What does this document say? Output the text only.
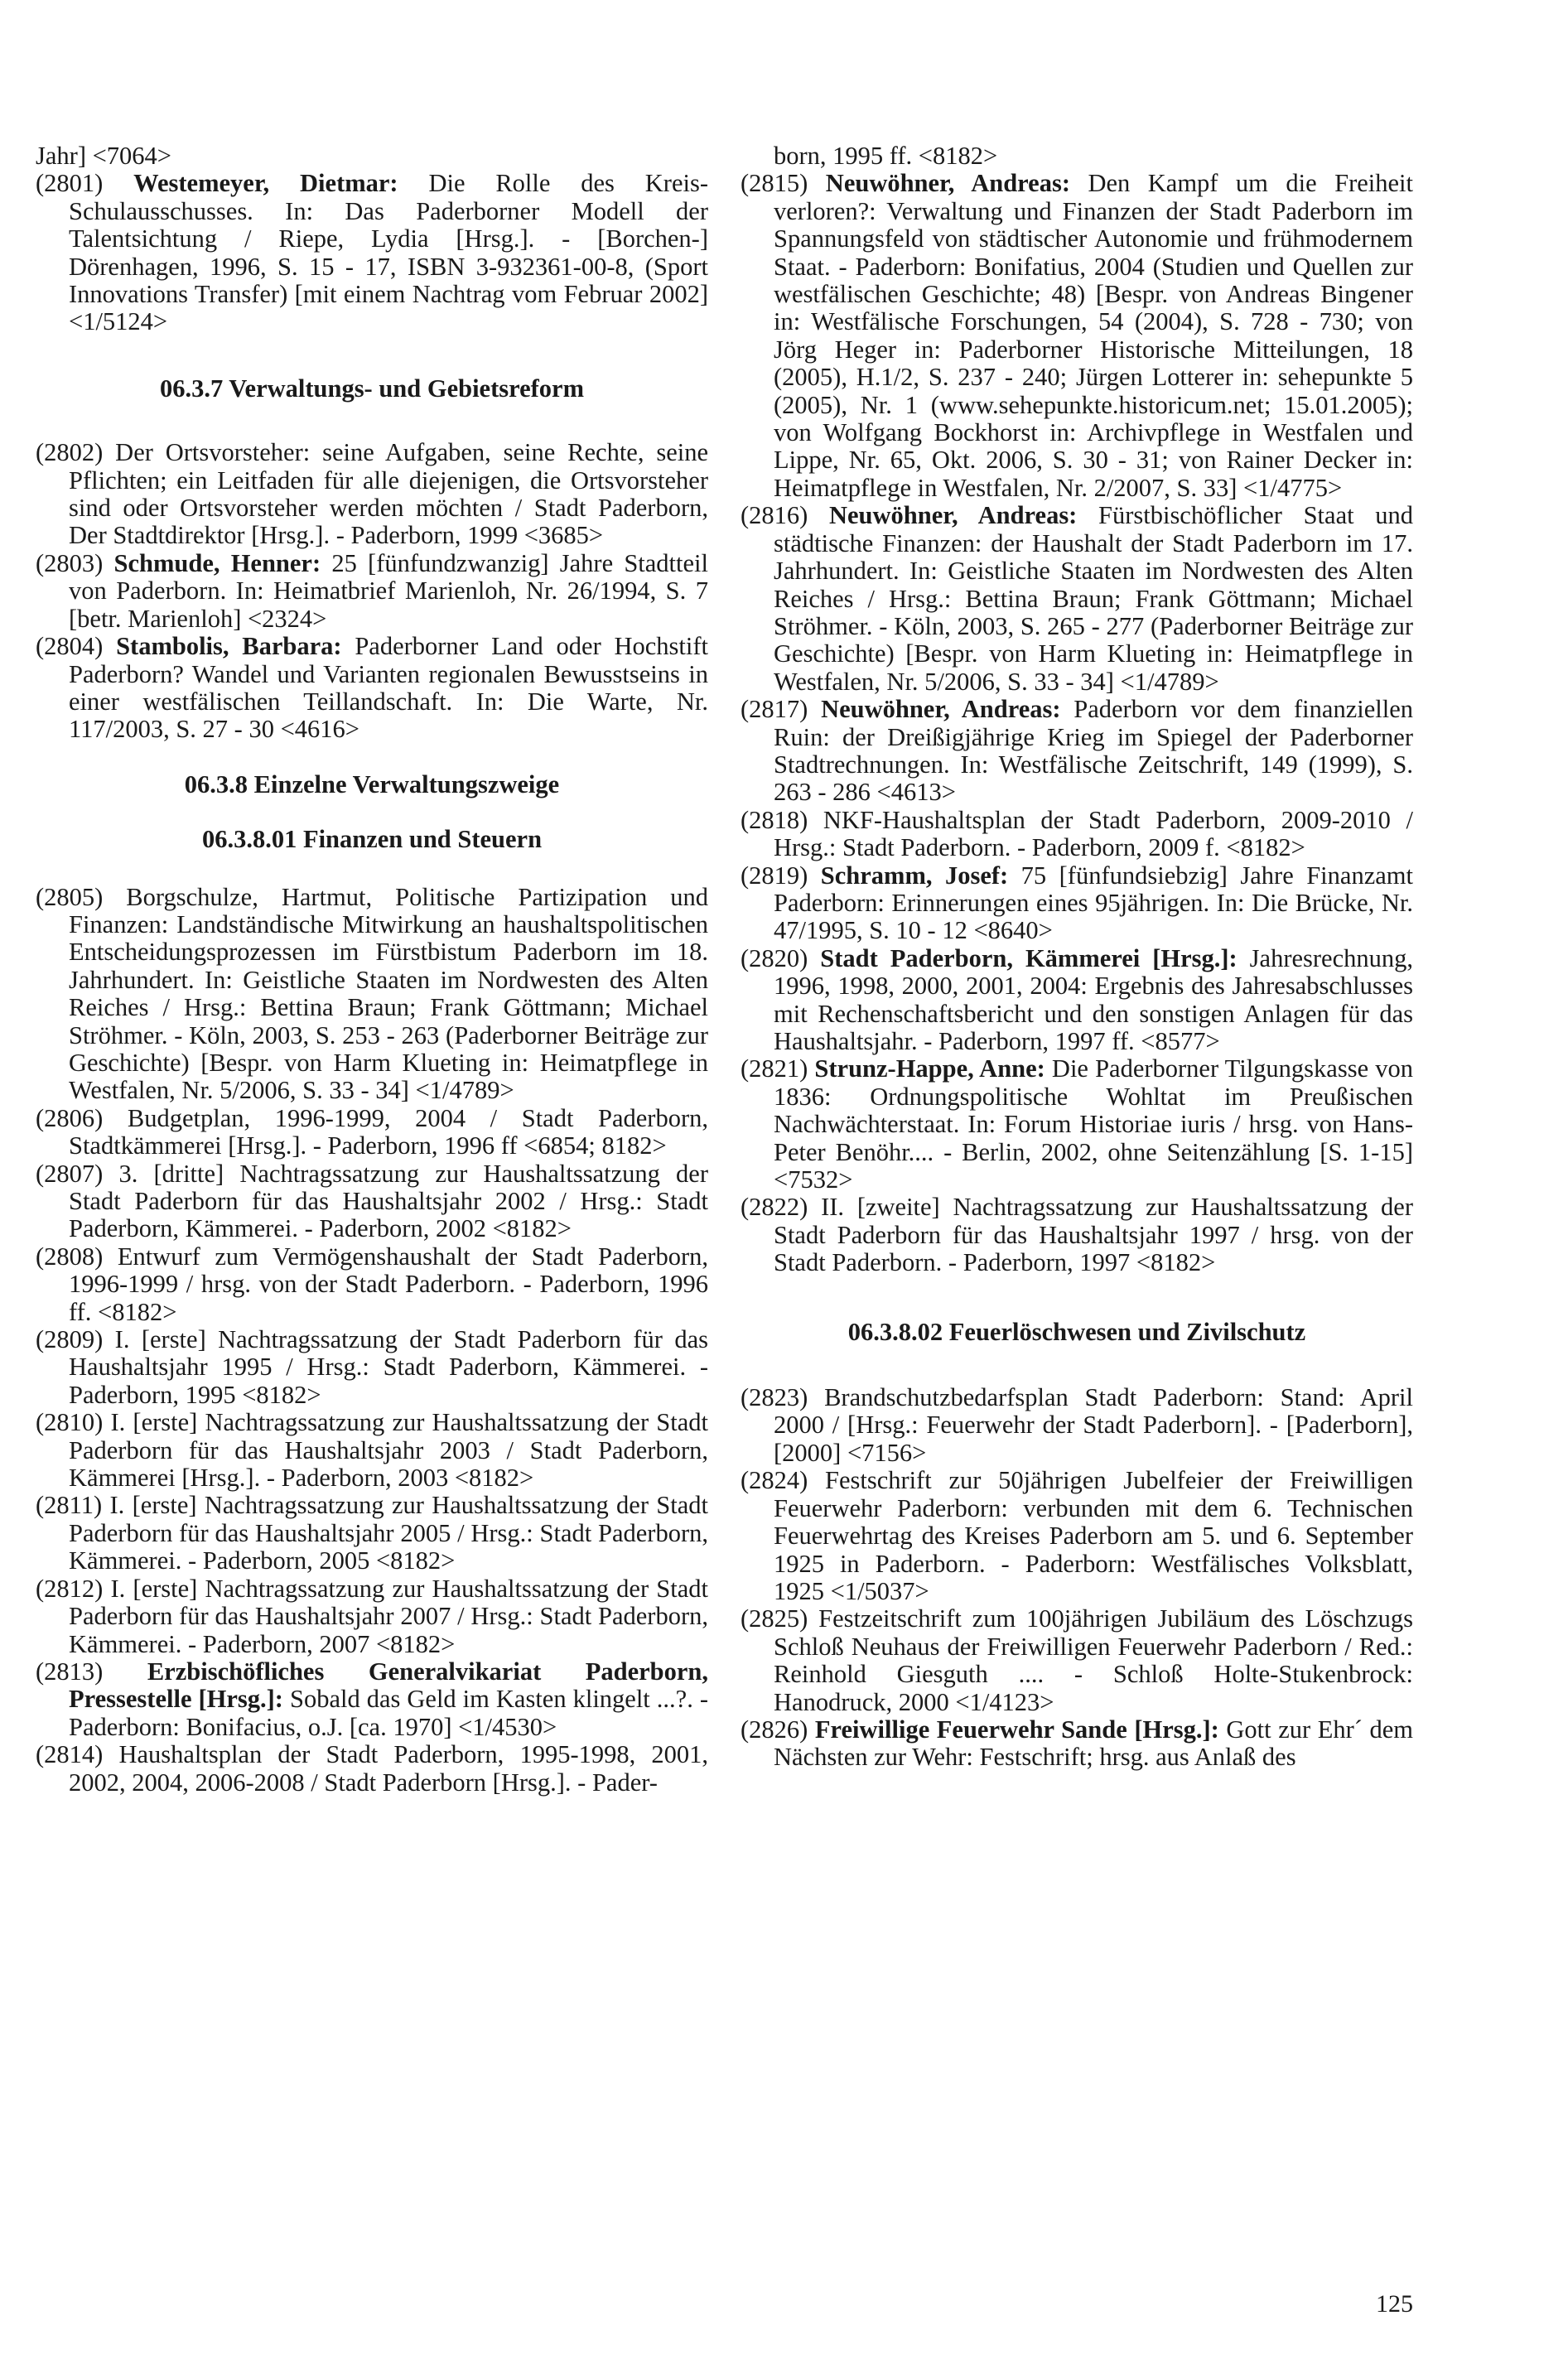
Jahr] <7064>

(2801) Westemeyer, Dietmar: Die Rolle des Kreis-Schulausschusses. In: Das Paderborner Modell der Talentsichtung / Riepe, Lydia [Hrsg.]. - [Borchen-] Dörenhagen, 1996, S. 15 - 17, ISBN 3-932361-00-8, (Sport Innovations Transfer) [mit einem Nachtrag vom Februar 2002] <1/5124>

06.3.7 Verwaltungs- und Gebietsreform

(2802) Der Ortsvorsteher: seine Aufgaben, seine Rechte, seine Pflichten; ein Leitfaden für alle diejenigen, die Ortsvorsteher sind oder Ortsvorsteher werden möchten / Stadt Paderborn, Der Stadtdirektor [Hrsg.]. - Paderborn, 1999 <3685>

(2803) Schmude, Henner: 25 [fünfundzwanzig] Jahre Stadtteil von Paderborn. In: Heimatbrief Marienloh, Nr. 26/1994, S. 7 [betr. Marienloh] <2324>

(2804) Stambolis, Barbara: Paderborner Land oder Hochstift Paderborn? Wandel und Varianten regionalen Bewusstseins in einer westfälischen Teillandschaft. In: Die Warte, Nr. 117/2003, S. 27 - 30 <4616>

06.3.8 Einzelne Verwaltungszweige

06.3.8.01 Finanzen und Steuern

(2805) Borgschulze, Hartmut, Politische Partizipation und Finanzen: Landständische Mitwirkung an haushaltspolitischen Entscheidungsprozessen im Fürstbistum Paderborn im 18. Jahrhundert. In: Geistliche Staaten im Nordwesten des Alten Reiches / Hrsg.: Bettina Braun; Frank Göttmann; Michael Ströhmer. - Köln, 2003, S. 253 - 263 (Paderborner Beiträge zur Geschichte) [Bespr. von Harm Klueting in: Heimatpflege in Westfalen, Nr. 5/2006, S. 33 - 34] <1/4789>

(2806) Budgetplan, 1996-1999, 2004 / Stadt Paderborn, Stadtkämmerei [Hrsg.]. - Paderborn, 1996 ff <6854; 8182>

(2807) 3. [dritte] Nachtragssatzung zur Haushaltssatzung der Stadt Paderborn für das Haushaltsjahr 2002 / Hrsg.: Stadt Paderborn, Kämmerei. - Paderborn, 2002 <8182>

(2808) Entwurf zum Vermögenshaushalt der Stadt Paderborn, 1996-1999 / hrsg. von der Stadt Paderborn. - Paderborn, 1996 ff. <8182>

(2809) I. [erste] Nachtragssatzung der Stadt Paderborn für das Haushaltsjahr 1995 / Hrsg.: Stadt Paderborn, Kämmerei. - Paderborn, 1995 <8182>

(2810) I. [erste] Nachtragssatzung zur Haushaltssatzung der Stadt Paderborn für das Haushaltsjahr 2003 / Stadt Paderborn, Kämmerei [Hrsg.]. - Paderborn, 2003 <8182>

(2811) I. [erste] Nachtragssatzung zur Haushaltssatzung der Stadt Paderborn für das Haushaltsjahr 2005 / Hrsg.: Stadt Paderborn, Kämmerei. - Paderborn, 2005 <8182>

(2812) I. [erste] Nachtragssatzung zur Haushaltssatzung der Stadt Paderborn für das Haushaltsjahr 2007 / Hrsg.: Stadt Paderborn, Kämmerei. - Paderborn, 2007 <8182>

(2813) Erzbischöfliches Generalvikariat Paderborn, Pressestelle [Hrsg.]: Sobald das Geld im Kasten klingelt ...?. - Paderborn: Bonifacius, o.J. [ca. 1970] <1/4530>

(2814) Haushaltsplan der Stadt Paderborn, 1995-1998, 2001, 2002, 2004, 2006-2008 / Stadt Paderborn [Hrsg.]. - Pader-

born, 1995 ff. <8182>

(2815) Neuwöhner, Andreas: Den Kampf um die Freiheit verloren?: Verwaltung und Finanzen der Stadt Paderborn im Spannungsfeld von städtischer Autonomie und frühmodernem Staat. - Paderborn: Bonifatius, 2004 (Studien und Quellen zur westfälischen Geschichte; 48) [Bespr. von Andreas Bingener in: Westfälische Forschungen, 54 (2004), S. 728 - 730; von Jörg Heger in: Paderborner Historische Mitteilungen, 18 (2005), H.1/2, S. 237 - 240; Jürgen Lotterer in: sehepunkte 5 (2005), Nr. 1 (www.sehepunkte.historicum.net; 15.01.2005); von Wolfgang Bockhorst in: Archivpflege in Westfalen und Lippe, Nr. 65, Okt. 2006, S. 30 - 31; von Rainer Decker in: Heimatpflege in Westfalen, Nr. 2/2007, S. 33] <1/4775>

(2816) Neuwöhner, Andreas: Fürstbischöflicher Staat und städtische Finanzen: der Haushalt der Stadt Paderborn im 17. Jahrhundert. In: Geistliche Staaten im Nordwesten des Alten Reiches / Hrsg.: Bettina Braun; Frank Göttmann; Michael Ströhmer. - Köln, 2003, S. 265 - 277 (Paderborner Beiträge zur Geschichte) [Bespr. von Harm Klueting in: Heimatpflege in Westfalen, Nr. 5/2006, S. 33 - 34] <1/4789>

(2817) Neuwöhner, Andreas: Paderborn vor dem finanziellen Ruin: der Dreißigjährige Krieg im Spiegel der Paderborner Stadtrechnungen. In: Westfälische Zeitschrift, 149 (1999), S. 263 - 286 <4613>

(2818) NKF-Haushaltsplan der Stadt Paderborn, 2009-2010 / Hrsg.: Stadt Paderborn. - Paderborn, 2009 f. <8182>

(2819) Schramm, Josef: 75 [fünfundsiebzig] Jahre Finanzamt Paderborn: Erinnerungen eines 95jährigen. In: Die Brücke, Nr. 47/1995, S. 10 - 12 <8640>

(2820) Stadt Paderborn, Kämmerei [Hrsg.]: Jahresrechnung, 1996, 1998, 2000, 2001, 2004: Ergebnis des Jahresabschlusses mit Rechenschaftsbericht und den sonstigen Anlagen für das Haushaltsjahr. - Paderborn, 1997 ff. <8577>

(2821) Strunz-Happe, Anne: Die Paderborner Tilgungskasse von 1836: Ordnungspolitische Wohltat im Preußischen Nachwächterstaat. In: Forum Historiae iuris / hrsg. von Hans-Peter Benöhr.... - Berlin, 2002, ohne Seitenzählung [S. 1-15] <7532>

(2822) II. [zweite] Nachtragssatzung zur Haushaltssatzung der Stadt Paderborn für das Haushaltsjahr 1997 / hrsg. von der Stadt Paderborn. - Paderborn, 1997 <8182>

06.3.8.02 Feuerlöschwesen und Zivilschutz

(2823) Brandschutzbedarfsplan Stadt Paderborn: Stand: April 2000 / [Hrsg.: Feuerwehr der Stadt Paderborn]. - [Paderborn], [2000] <7156>

(2824) Festschrift zur 50jährigen Jubelfeier der Freiwilligen Feuerwehr Paderborn: verbunden mit dem 6. Technischen Feuerwehrtag des Kreises Paderborn am 5. und 6. September 1925 in Paderborn. - Paderborn: Westfälisches Volksblatt, 1925 <1/5037>

(2825) Festzeitschrift zum 100jährigen Jubiläum des Löschzugs Schloß Neuhaus der Freiwilligen Feuerwehr Paderborn / Red.: Reinhold Giesguth .... - Schloß Holte-Stukenbrock: Hanodruck, 2000 <1/4123>

(2826) Freiwillige Feuerwehr Sande [Hrsg.]: Gott zur Ehr´ dem Nächsten zur Wehr: Festschrift; hrsg. aus Anlaß des

125
